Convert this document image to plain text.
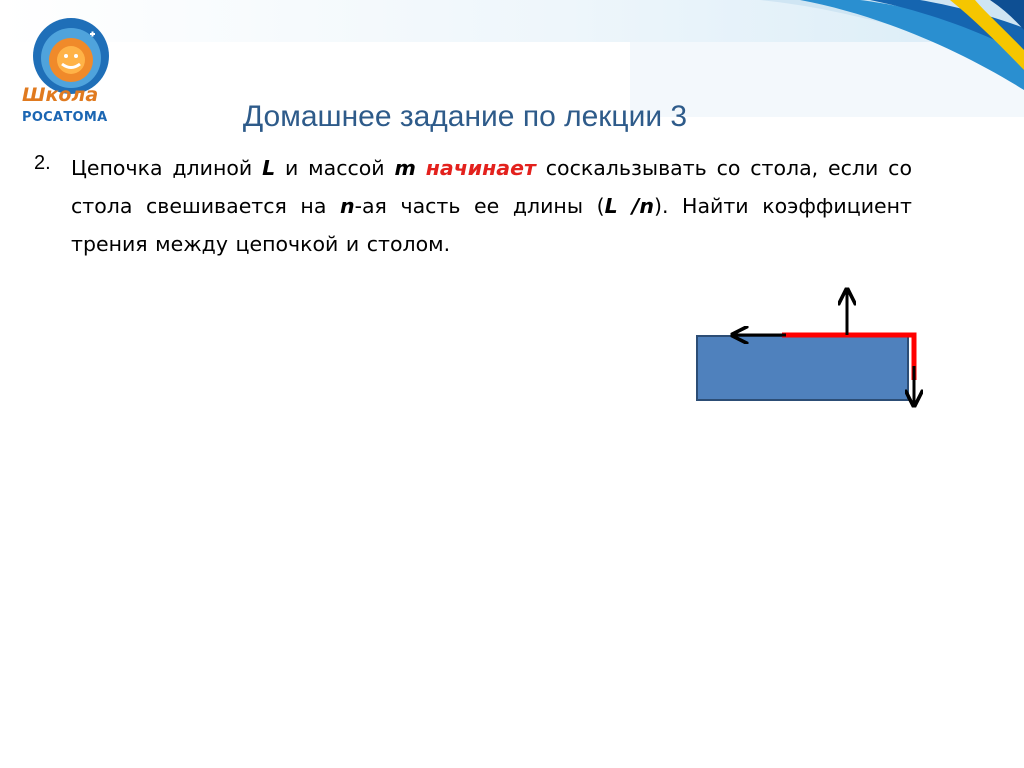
Школа
РОСАТОМА	Домашнее задание по лекции 3
2. Цепочка длиной L и массой m начинает соскальзывать со стола, если со стола свешивается на n-ая часть ее длины (L /n). Найти коэффициент трения между цепочкой и столом.
